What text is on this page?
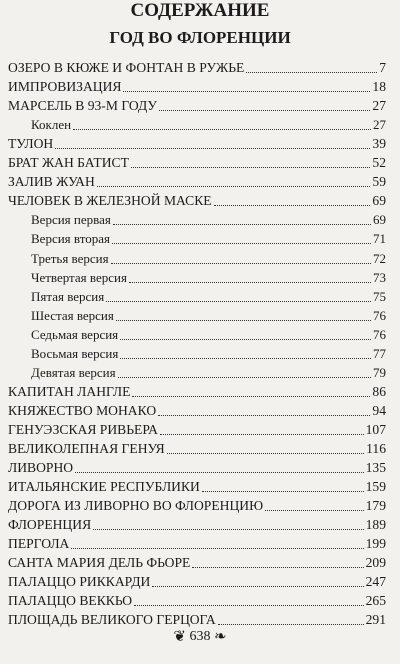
СОДЕРЖАНИЕ
ГОД ВО ФЛОРЕНЦИИ
ОЗЕРО В КЮЖЕ И ФОНТАН В РУЖЬЕ	7
ИМПРОВИЗАЦИЯ	18
МАРСЕЛЬ В 93-М ГОДУ	27
Коклен	27
ТУЛОН	39
БРАТ ЖАН БАТИСТ	52
ЗАЛИВ ЖУАН	59
ЧЕЛОВЕК В ЖЕЛЕЗНОЙ МАСКЕ	69
Версия первая	69
Версия вторая	71
Третья версия	72
Четвертая версия	73
Пятая версия	75
Шестая версия	76
Седьмая версия	76
Восьмая версия	77
Девятая версия	79
КАПИТАН ЛАНГЛЕ	86
КНЯЖЕСТВО МОНАКО	94
ГЕНУЭЗСКАЯ РИВЬЕРА	107
ВЕЛИКОЛЕПНАЯ ГЕНУЯ	116
ЛИВОРНО	135
ИТАЛЬЯНСКИЕ РЕСПУБЛИКИ	159
ДОРОГА ИЗ ЛИВОРНО ВО ФЛОРЕНЦИЮ	179
ФЛОРЕНЦИЯ	189
ПЕРГОЛА	199
САНТА МАРИЯ ДЕЛЬ ФЬОРЕ	209
ПАЛАЦЦО РИККАРДИ	247
ПАЛАЦЦО ВЕККЬО	265
ПЛОЩАДЬ ВЕЛИКОГО ГЕРЦОГА	291
❦ 638 ❧
